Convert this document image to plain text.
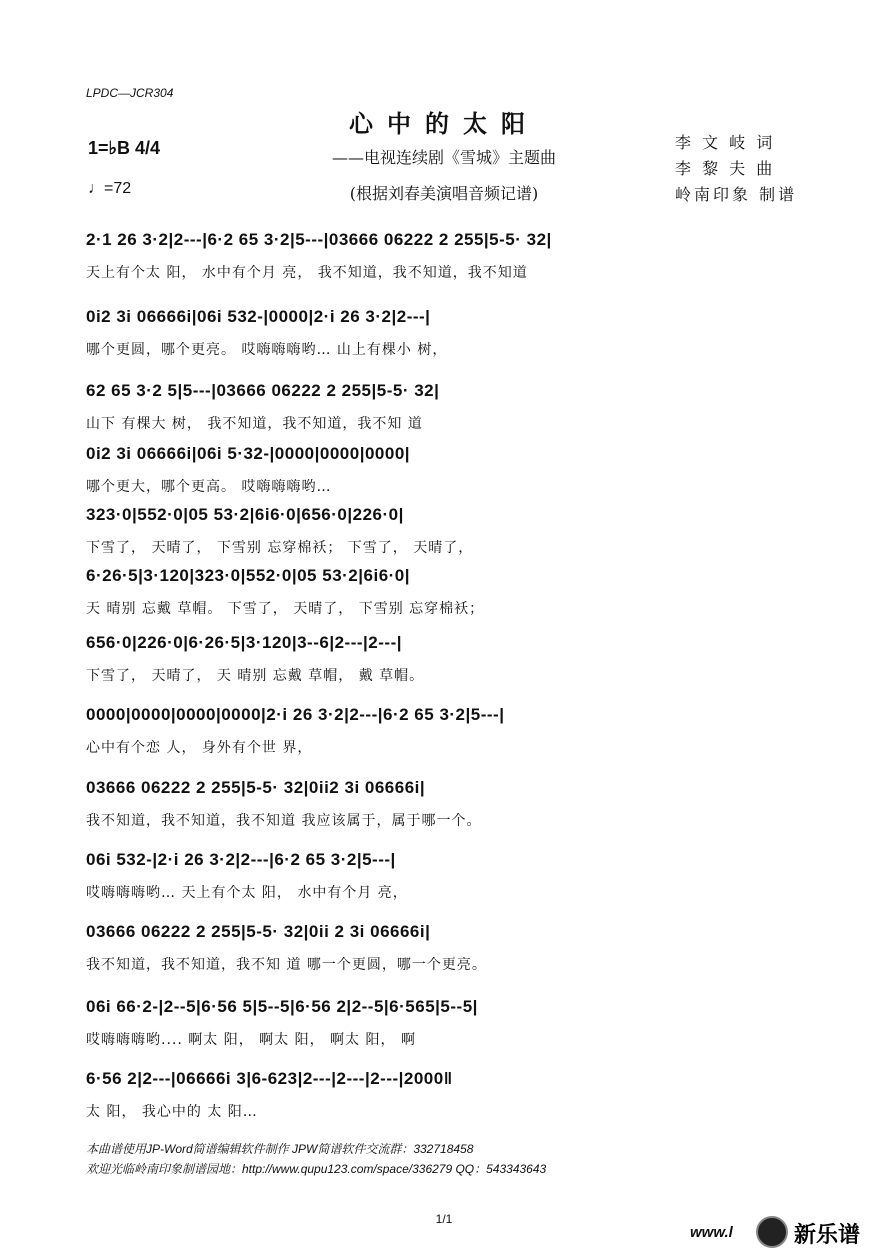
LPDC—JCR304
心中的太阳
——电视连续剧《雪城》主题曲
(根据刘春美演唱音频记谱)
1=♭B 4/4
♩=72
李 文 岐 词
李 黎 夫 曲
岭南印象 制谱
2·1 26 3·2|2---|6·2 65 3·2|5---|03666 06222 2 255|5-5· 32|
天上有个太 阳， 水中有个月 亮， 我不知道，我不知道，我不知道
0i2 3i 06666i|06i 532-|0000|2·i 26 3·2|2---|
哪个更圆，哪个更亮。 哎嗨嗨嗨哟… 山上有棵小 树，
62 65 3·2 5|5---|03666 06222 2 255|5-5· 32|
山下 有棵大 树， 我不知道，我不知道，我不知 道
0i2 3i 06666i|06i 5·32-|0000|0000|0000|
哪个更大，哪个更高。 哎嗨嗨嗨哟…
323·0|552·0|05 53·2|6i6·0|656·0|226·0|
下雪了， 天晴了， 下雪别 忘穿棉袄； 下雪了， 天晴了，
6·26·5|3·120|323·0|552·0|05 53·2|6i6·0|
天 晴别 忘戴 草帽。 下雪了， 天晴了， 下雪别 忘穿棉袄；
656·0|226·0|6·26·5|3·120|3--6|2---|2---|
下雪了， 天晴了， 天 晴别 忘戴 草帽， 戴 草帽。
0000|0000|0000|0000|2·i 26 3·2|2---|6·2 65 3·2|5---|
心中有个恋 人， 身外有个世 界，
03666 06222 2 255|5-5· 32|0ii2 3i 06666i|
我不知道，我不知道，我不知道 我应该属于，属于哪一个。
06i 532-|2·i 26 3·2|2---|6·2 65 3·2|5---|
哎嗨嗨嗨哟… 天上有个太 阳， 水中有个月 亮，
03666 06222 2 255|5-5· 32|0ii 2 3i 06666i|
我不知道，我不知道，我不知 道 哪一个更圆，哪一个更亮。
06i 66·2-|2--5|6·56 5|5--5|6·56 2|2--5|6·565|5--5|
哎嗨嗨嗨哟.... 啊太 阳， 啊太 阳， 啊太 阳， 啊
6·56 2|2---|06666i 3|6-623|2---|2---|2---|2000‖
太 阳， 我心中的 太 阳…
本曲谱使用JP-Word简谱编辑软件制作 JPW简谱软件交流群：332718458
欢迎光临岭南印象制谱园地：http://www.qupu123.com/space/336279 QQ：543343643
1/1
www.l	新乐谱
